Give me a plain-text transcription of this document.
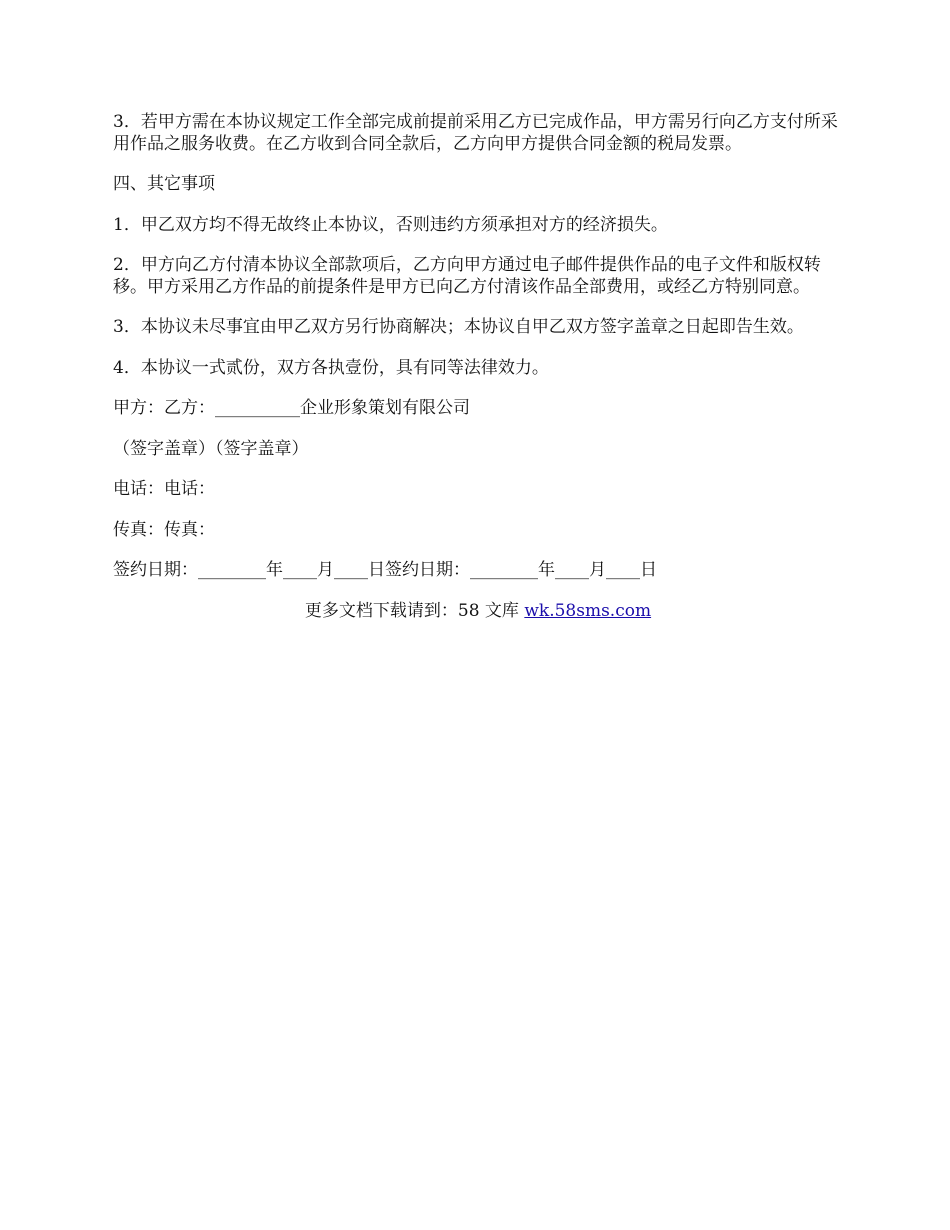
3．若甲方需在本协议规定工作全部完成前提前采用乙方已完成作品，甲方需另行向乙方支付所采用作品之服务收费。在乙方收到合同全款后，乙方向甲方提供合同金额的税局发票。

四、其它事项

1．甲乙双方均不得无故终止本协议，否则违约方须承担对方的经济损失。

2．甲方向乙方付清本协议全部款项后，乙方向甲方通过电子邮件提供作品的电子文件和版权转移。甲方采用乙方作品的前提条件是甲方已向乙方付清该作品全部费用，或经乙方特别同意。

3．本协议未尽事宜由甲乙双方另行协商解决；本协议自甲乙双方签字盖章之日起即告生效。

4．本协议一式贰份，双方各执壹份，具有同等法律效力。

甲方：乙方：__________企业形象策划有限公司

（签字盖章）（签字盖章）

电话：电话：

传真：传真：

签约日期：________年____月____日签约日期：________年____月____日

更多文档下载请到：58 文库 wk.58sms.com
